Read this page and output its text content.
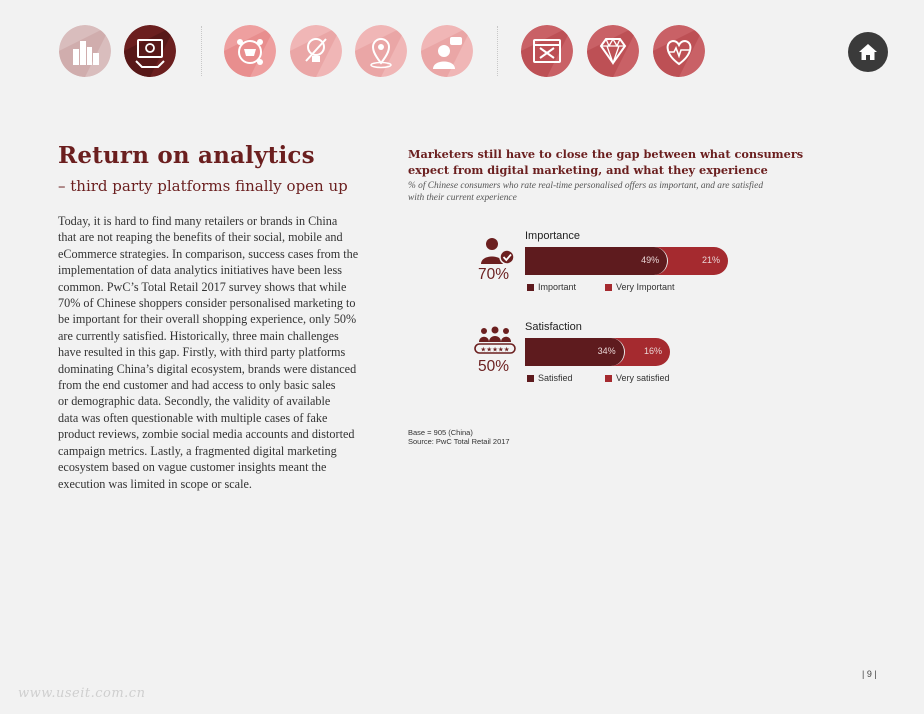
Return on analytics
– third party platforms finally open up
Today, it is hard to find many retailers or brands in China
that are not reaping the benefits of their social, mobile and
eCommerce strategies. In comparison, success cases from the
implementation of data analytics initiatives have been less
common. PwC’s Total Retail 2017 survey shows that while
70% of Chinese shoppers consider personalised marketing to
be important for their overall shopping experience, only 50%
are currently satisfied. Historically, three main challenges
have resulted in this gap. Firstly, with third party platforms
dominating China’s digital ecosystem, brands were distanced
from the end customer and had access to only basic sales
or demographic data. Secondly, the validity of available
data was often questionable with multiple cases of fake
product reviews, zombie social media accounts and distorted
campaign metrics. Lastly, a fragmented digital marketing
ecosystem based on vague customer insights meant the
execution was limited in scope or scale.
Marketers still have to close the gap between what consumers
expect from digital marketing, and what they experience
% of Chinese consumers who rate real-time personalised offers as important, and are satisfied
with their current experience
70%
Importance
49%	21%
Important	Very Important
★★★★★
50%
Satisfaction
34%	16%
Satisfied	Very satisfied
Base = 905 (China)
Source: PwC Total Retail 2017
| 9 |
www.useit.com.cn
